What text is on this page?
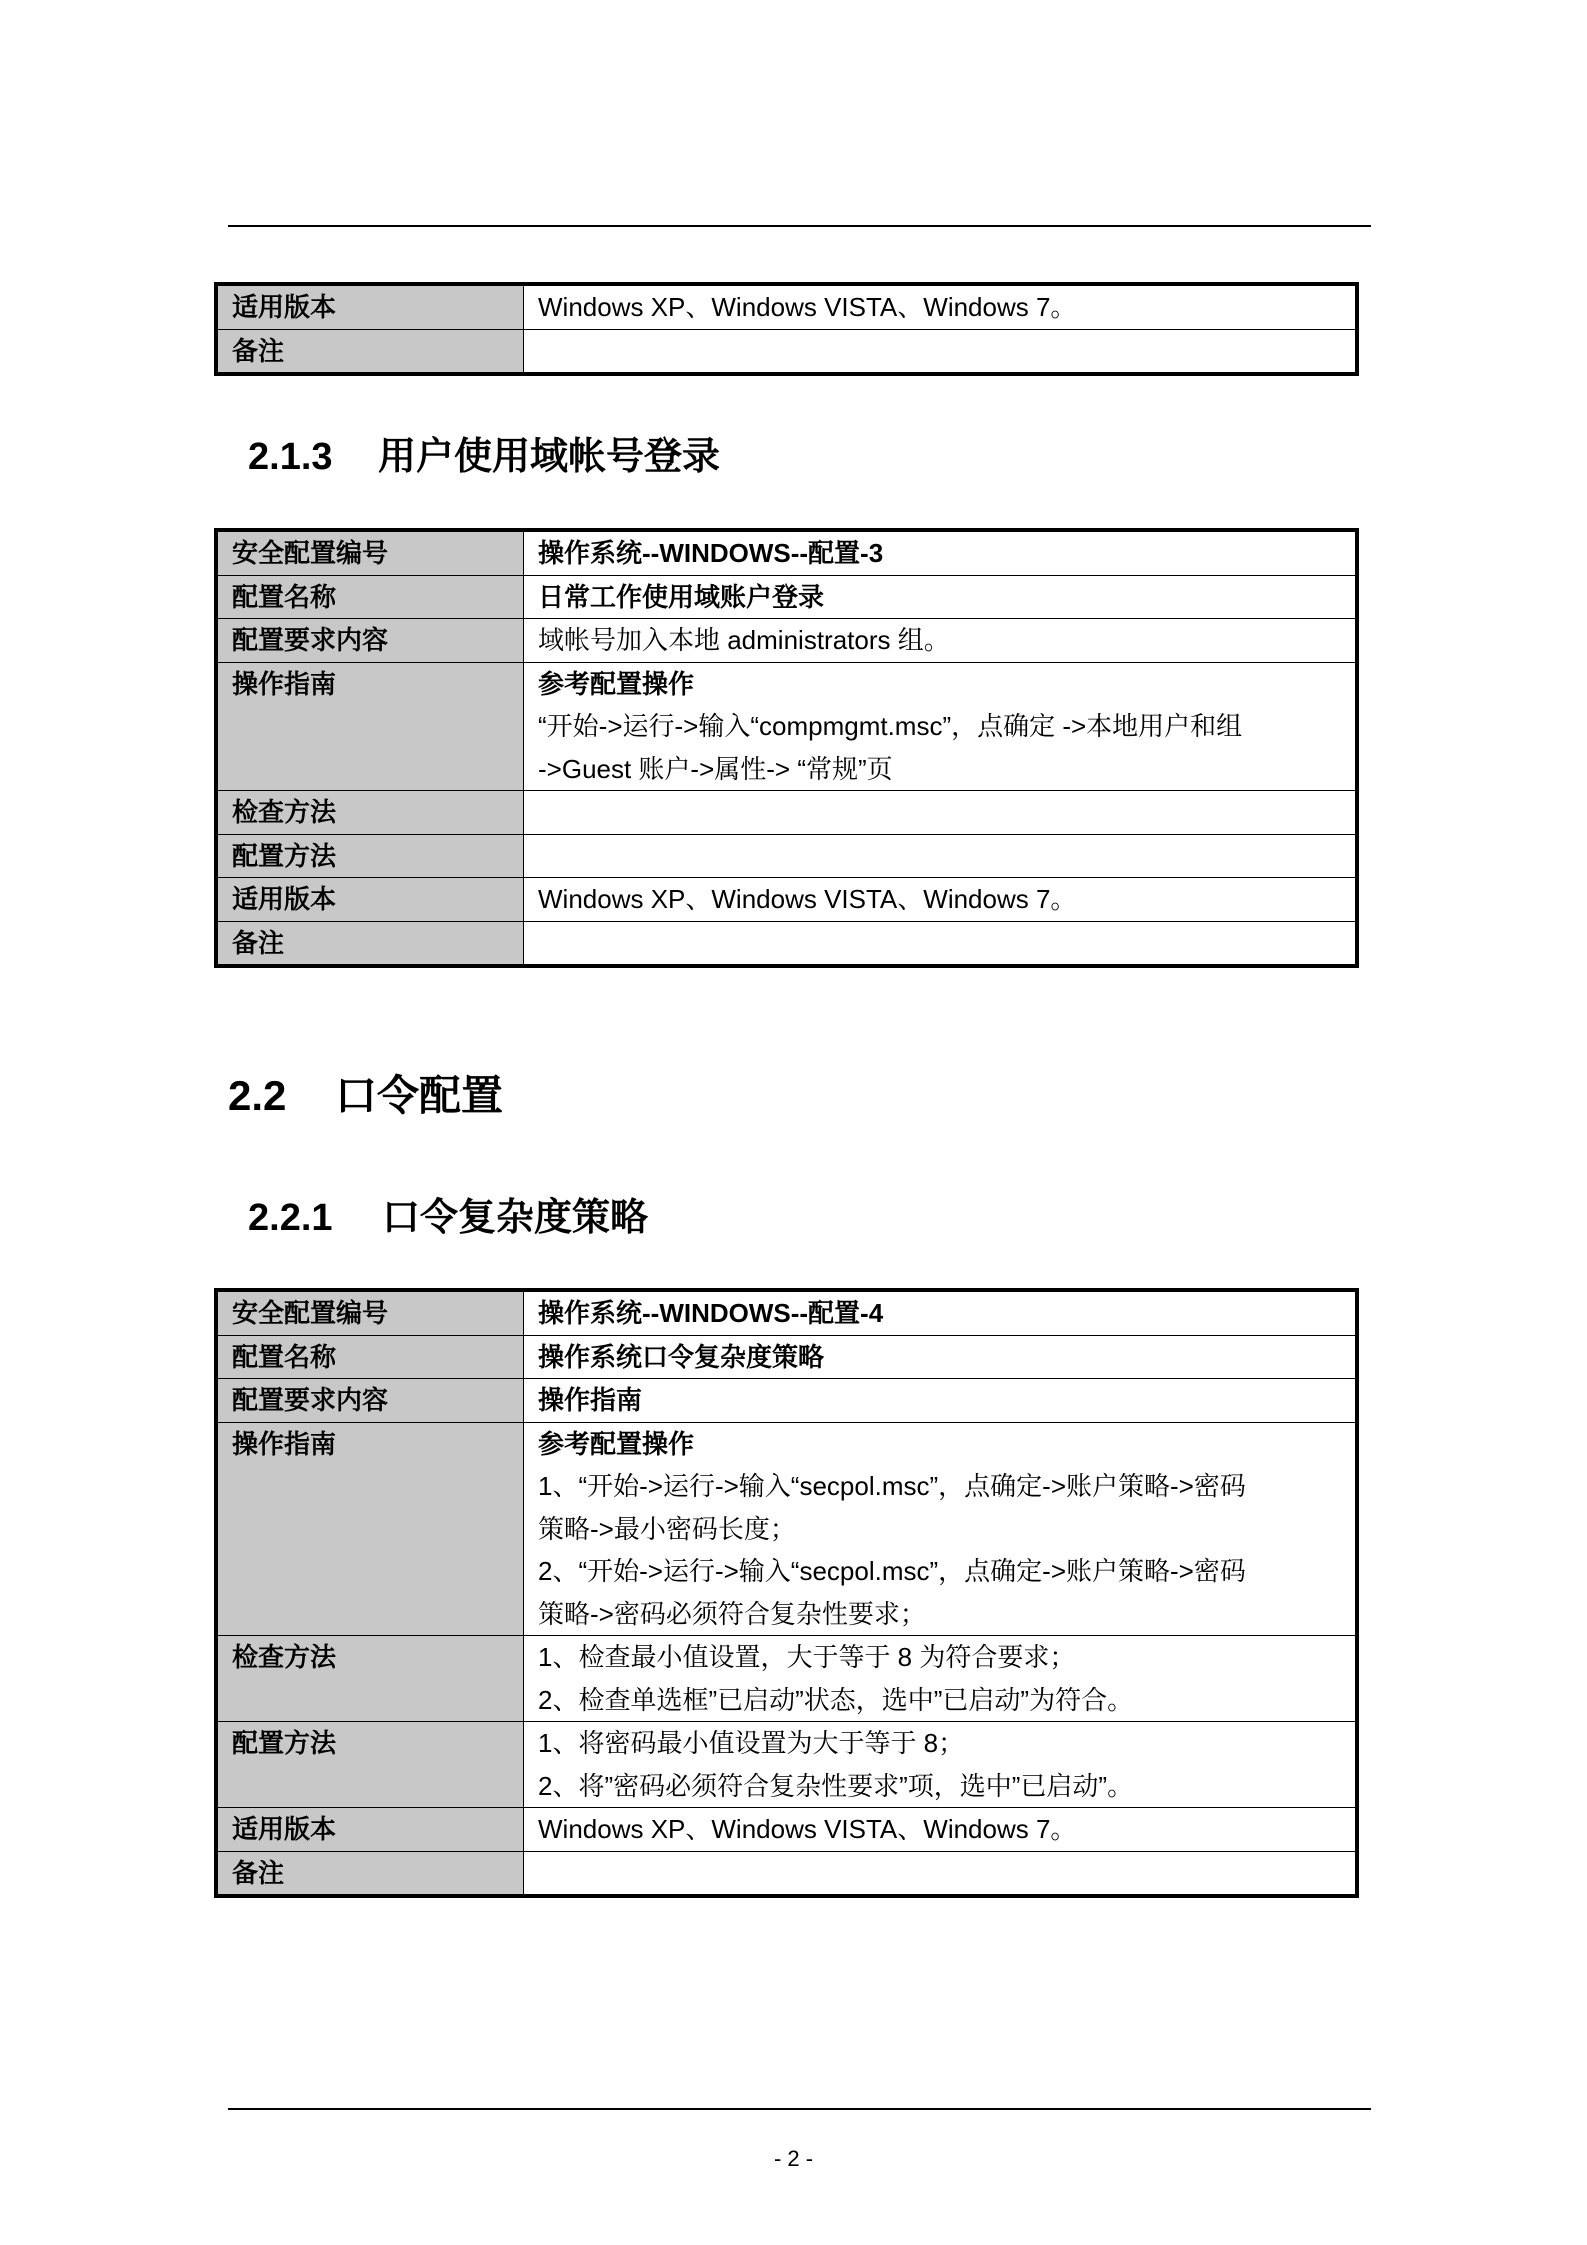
适用版本	Windows XP、Windows VISTA、Windows 7。

备注	
2.1.3 用户使用域帐号登录
安全配置编号	操作系统--WINDOWS--配置-3

配置名称	日常工作使用域账户登录

配置要求内容	域帐号加入本地 administrators 组。

操作指南	参考配置操作
“开始->运行->输入“compmgmt.msc”，点确定 ->本地用户和组
->Guest 账户->属性-> “常规”页

检查方法	

配置方法	

适用版本	Windows XP、Windows VISTA、Windows 7。

备注	
2.2 口令配置
2.2.1 口令复杂度策略
安全配置编号	操作系统--WINDOWS--配置-4

配置名称	操作系统口令复杂度策略

配置要求内容	操作指南

操作指南	参考配置操作
1、“开始->运行->输入“secpol.msc”，点确定->账户策略->密码
策略->最小密码长度；
2、“开始->运行->输入“secpol.msc”，点确定->账户策略->密码
策略->密码必须符合复杂性要求；

检查方法	1、检查最小值设置，大于等于 8 为符合要求；
2、检查单选框”已启动”状态，选中”已启动”为符合。

配置方法	1、将密码最小值设置为大于等于 8；
2、将”密码必须符合复杂性要求”项，选中”已启动”。

适用版本	Windows XP、Windows VISTA、Windows 7。

备注	
- 2 -
